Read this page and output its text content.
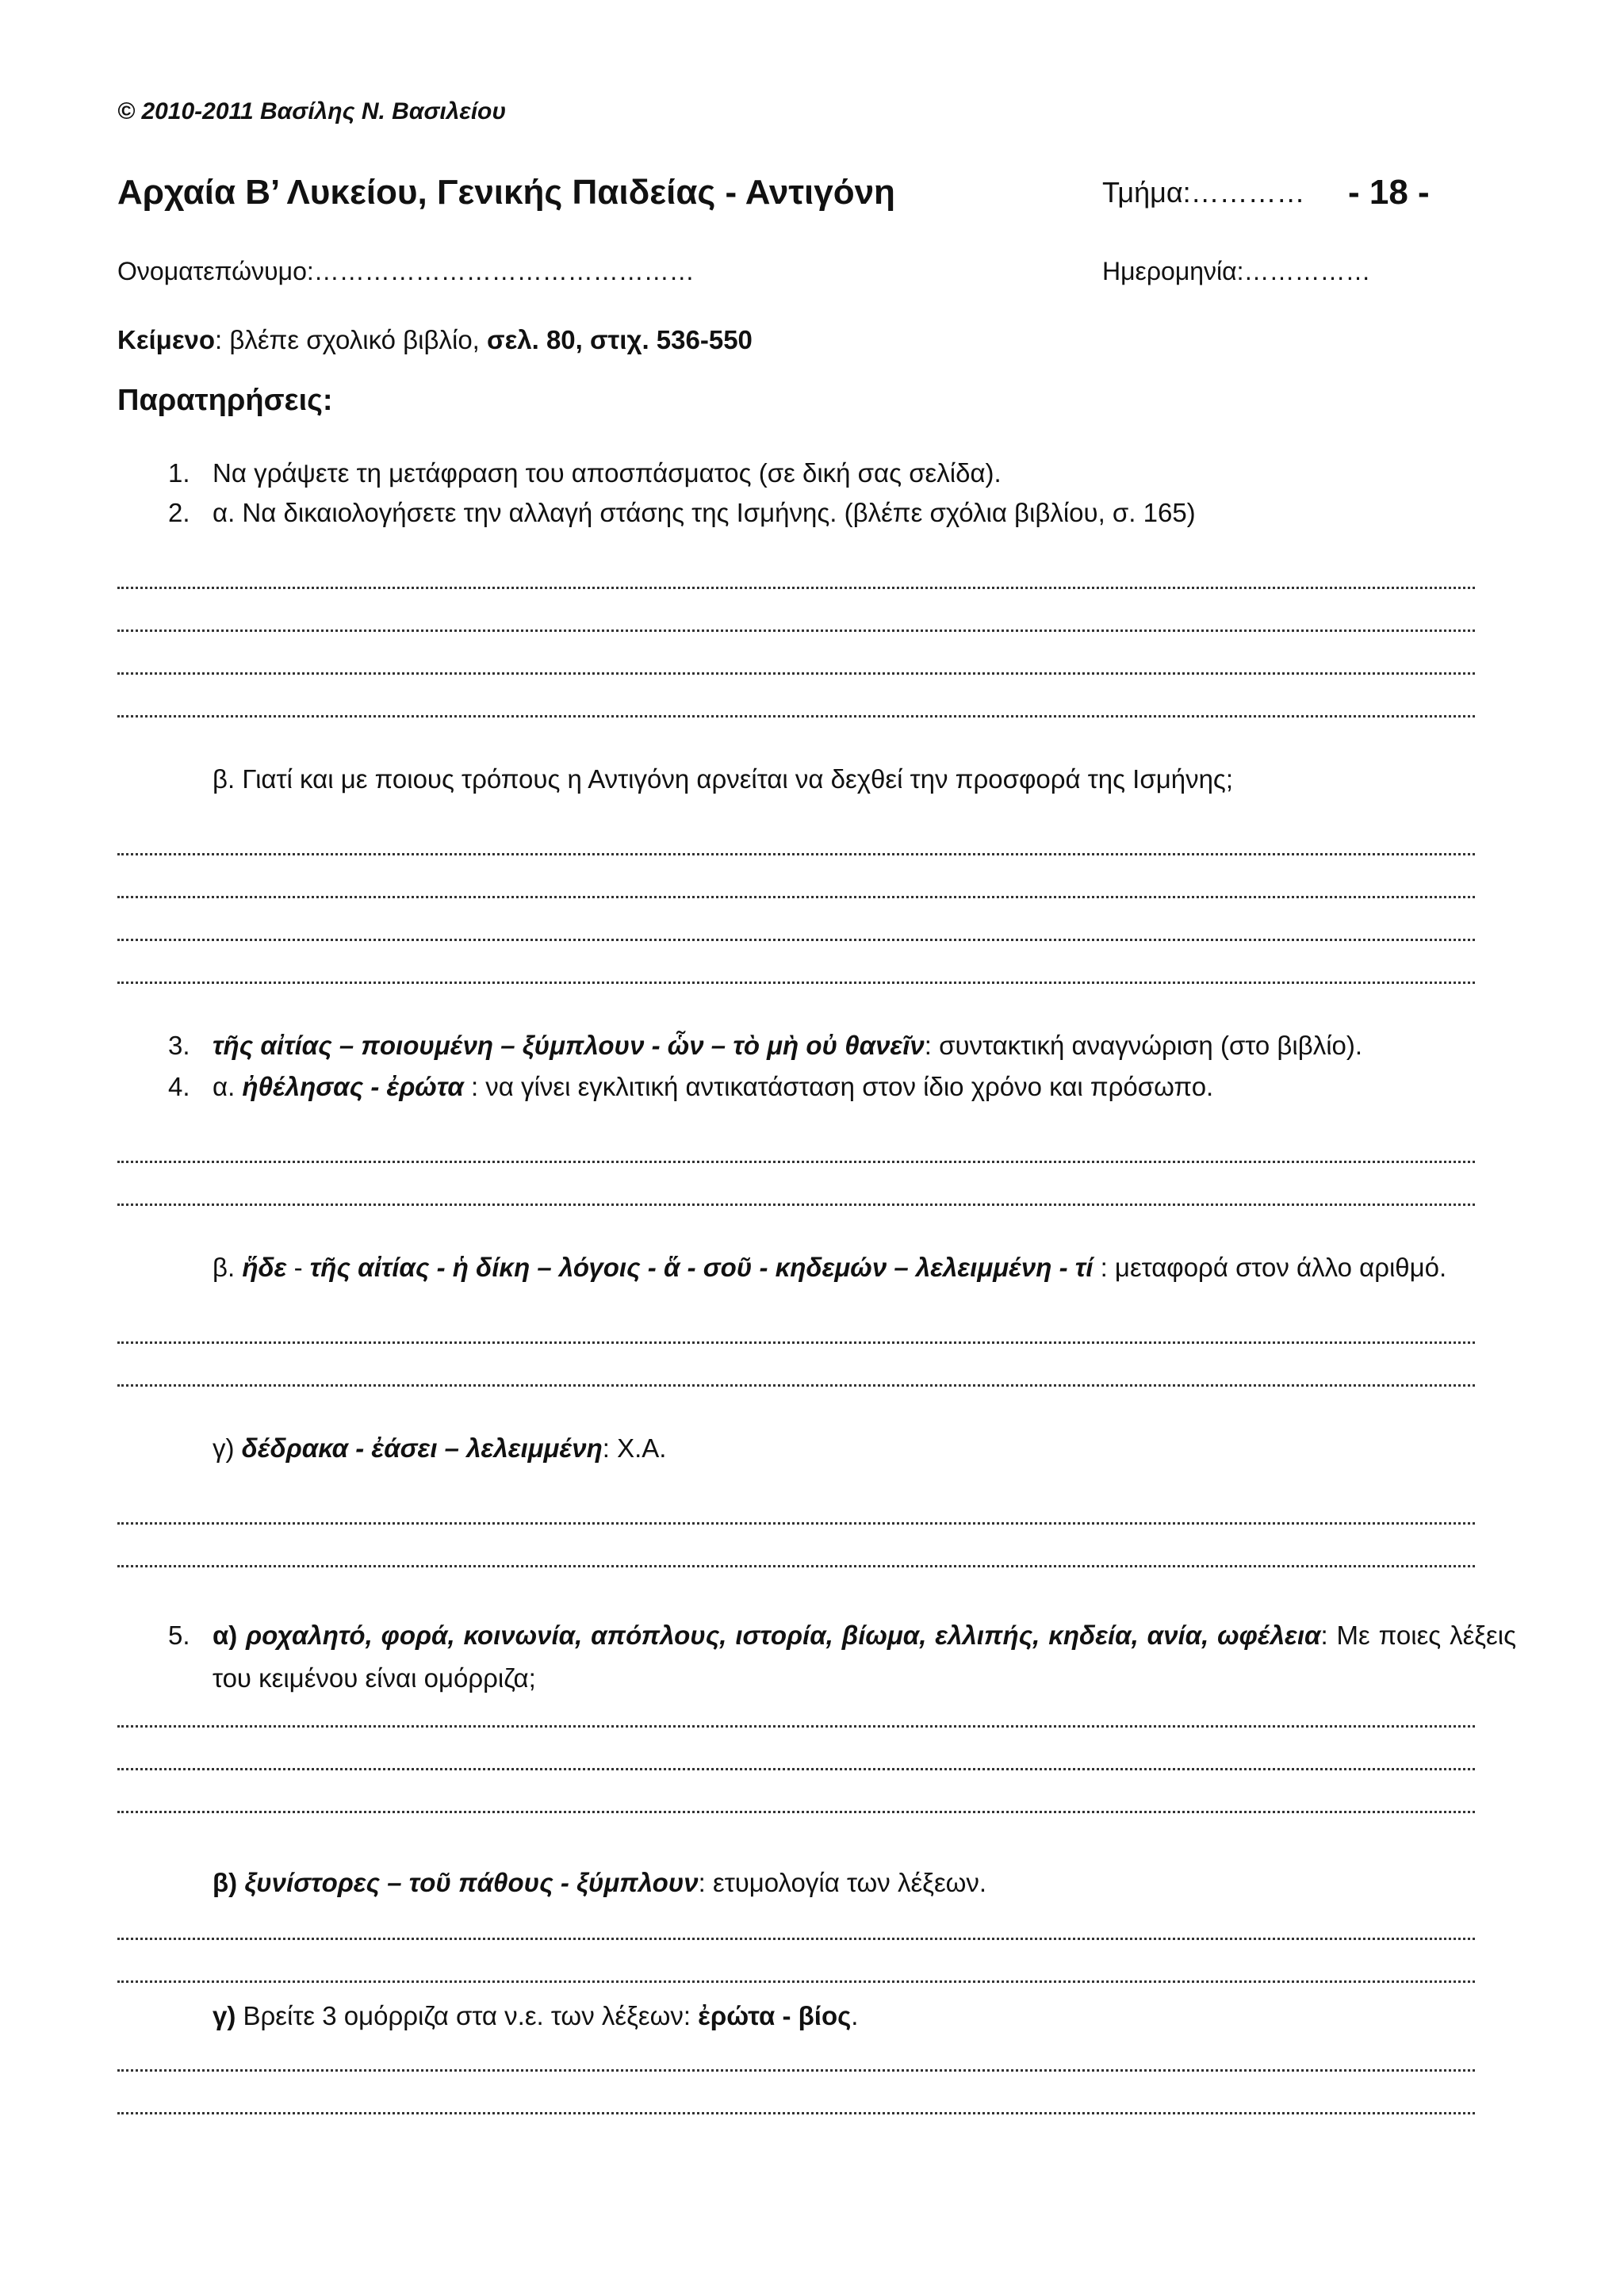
© 2010-2011 Βασίλης Ν. Βασιλείου
Αρχαία Β’ Λυκείου, Γενικής Παιδείας - Αντιγόνη	Τμήμα:………… - 18 -
Ονοματεπώνυμο:………………………………………	Ημερομηνία:……………
Κείμενο: βλέπε σχολικό βιβλίο, σελ. 80, στιχ. 536-550
Παρατηρήσεις:
1. Να γράψετε τη μετάφραση του αποσπάσματος (σε δική σας σελίδα).
2. α. Να δικαιολογήσετε την αλλαγή στάσης της Ισμήνης. (βλέπε σχόλια βιβλίου, σ. 165)
β. Γιατί και με ποιους τρόπους η Αντιγόνη αρνείται να δεχθεί την προσφορά της Ισμήνης;
3. τῆς αἰτίας – ποιουμένη – ξύμπλουν - ὧν – τὸ μὴ οὐ θανεῖν: συντακτική αναγνώριση (στο βιβλίο).
4. α. ἠθέλησας - ἐρώτα : να γίνει εγκλιτική αντικατάσταση στον ίδιο χρόνο και πρόσωπο.
β. ἥδε - τῆς αἰτίας - ἡ δίκη – λόγοις - ἅ - σοῦ - κηδεμών – λελειμμένη - τί : μεταφορά στον άλλο αριθμό.
γ) δέδρακα - ἐάσει – λελειμμένη: Χ.Α.
5. α) ροχαλητό, φορά, κοινωνία, απόπλους, ιστορία, βίωμα, ελλιπής, κηδεία, ανία, ωφέλεια: Με ποιες λέξεις του κειμένου είναι ομόρριζα;
β) ξυνίστορες – τοῦ πάθους - ξύμπλουν: ετυμολογία των λέξεων.
γ) Βρείτε 3 ομόρριζα στα ν.ε. των λέξεων: ἐρώτα - βίος.
